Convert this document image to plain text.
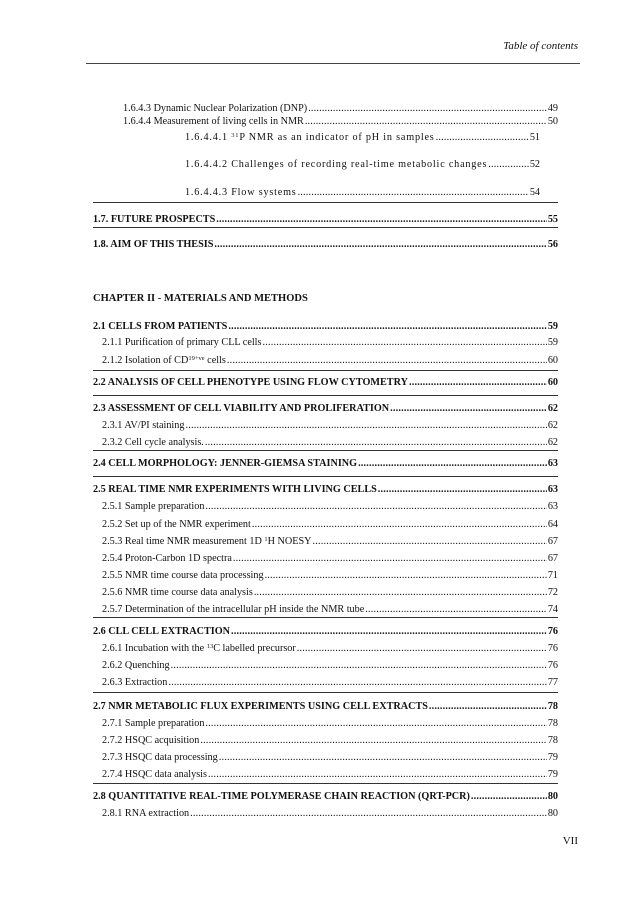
Table of contents
1.6.4.3 Dynamic Nuclear Polarization (DNP) .....	49
1.6.4.4 Measurement of living cells in NMR .....	50
1.6.4.4.1 $^{31}$P NMR as an indicator of pH in samples .....	51
1.6.4.4.2 Challenges of recording real-time metabolic changes .....	52
1.6.4.4.3 Flow systems .....	54
1.7. FUTURE PROSPECTS .....	55
1.8. AIM OF THIS THESIS .....	56
2.1 CELLS FROM PATIENTS .....	59
2.1.1 Purification of primary CLL cells .....	59
2.1.2 Isolation of $CD^{19+ve}$ cells .....	60
2.2 ANALYSIS OF CELL PHENOTYPE USING FLOW CYTOMETRY .....	60
2.3 ASSESSMENT OF CELL VIABILITY AND PROLIFERATION .....	62
2.3.1 AV/PI staining .....	62
2.3.2 Cell cycle analysis. .....	62
2.4 CELL MORPHOLOGY: JENNER-GIEMSA STAINING .....	63
2.5 REAL TIME NMR EXPERIMENTS WITH LIVING CELLS .....	63
2.5.1 Sample preparation .....	63
2.5.2 Set up of the NMR experiment .....	64
2.5.3 Real time NMR measurement 1D $^1$H NOESY .....	67
2.5.4 Proton-Carbon 1D spectra .....	67
2.5.5 NMR time course data processing .....	71
2.5.6 NMR time course data analysis .....	72
2.5.7 Determination of the intracellular pH inside the NMR tube .....	74
2.6 CLL CELL EXTRACTION .....	76
2.6.1 Incubation with the $^{13}$C labelled precursor .....	76
2.6.2 Quenching .....	76
2.6.3 Extraction .....	77
2.7 NMR METABOLIC FLUX EXPERIMENTS USING CELL EXTRACTS .....	78
2.7.1 Sample preparation .....	78
2.7.2 HSQC acquisition .....	78
2.7.3 HSQC data processing .....	79
2.7.4 HSQC data analysis .....	79
2.8 QUANTITATIVE REAL-TIME POLYMERASE CHAIN REACTION (QRT-PCR) .....	80
2.8.1 RNA extraction .....	80
CHAPTER II - MATERIALS AND METHODS
VII
